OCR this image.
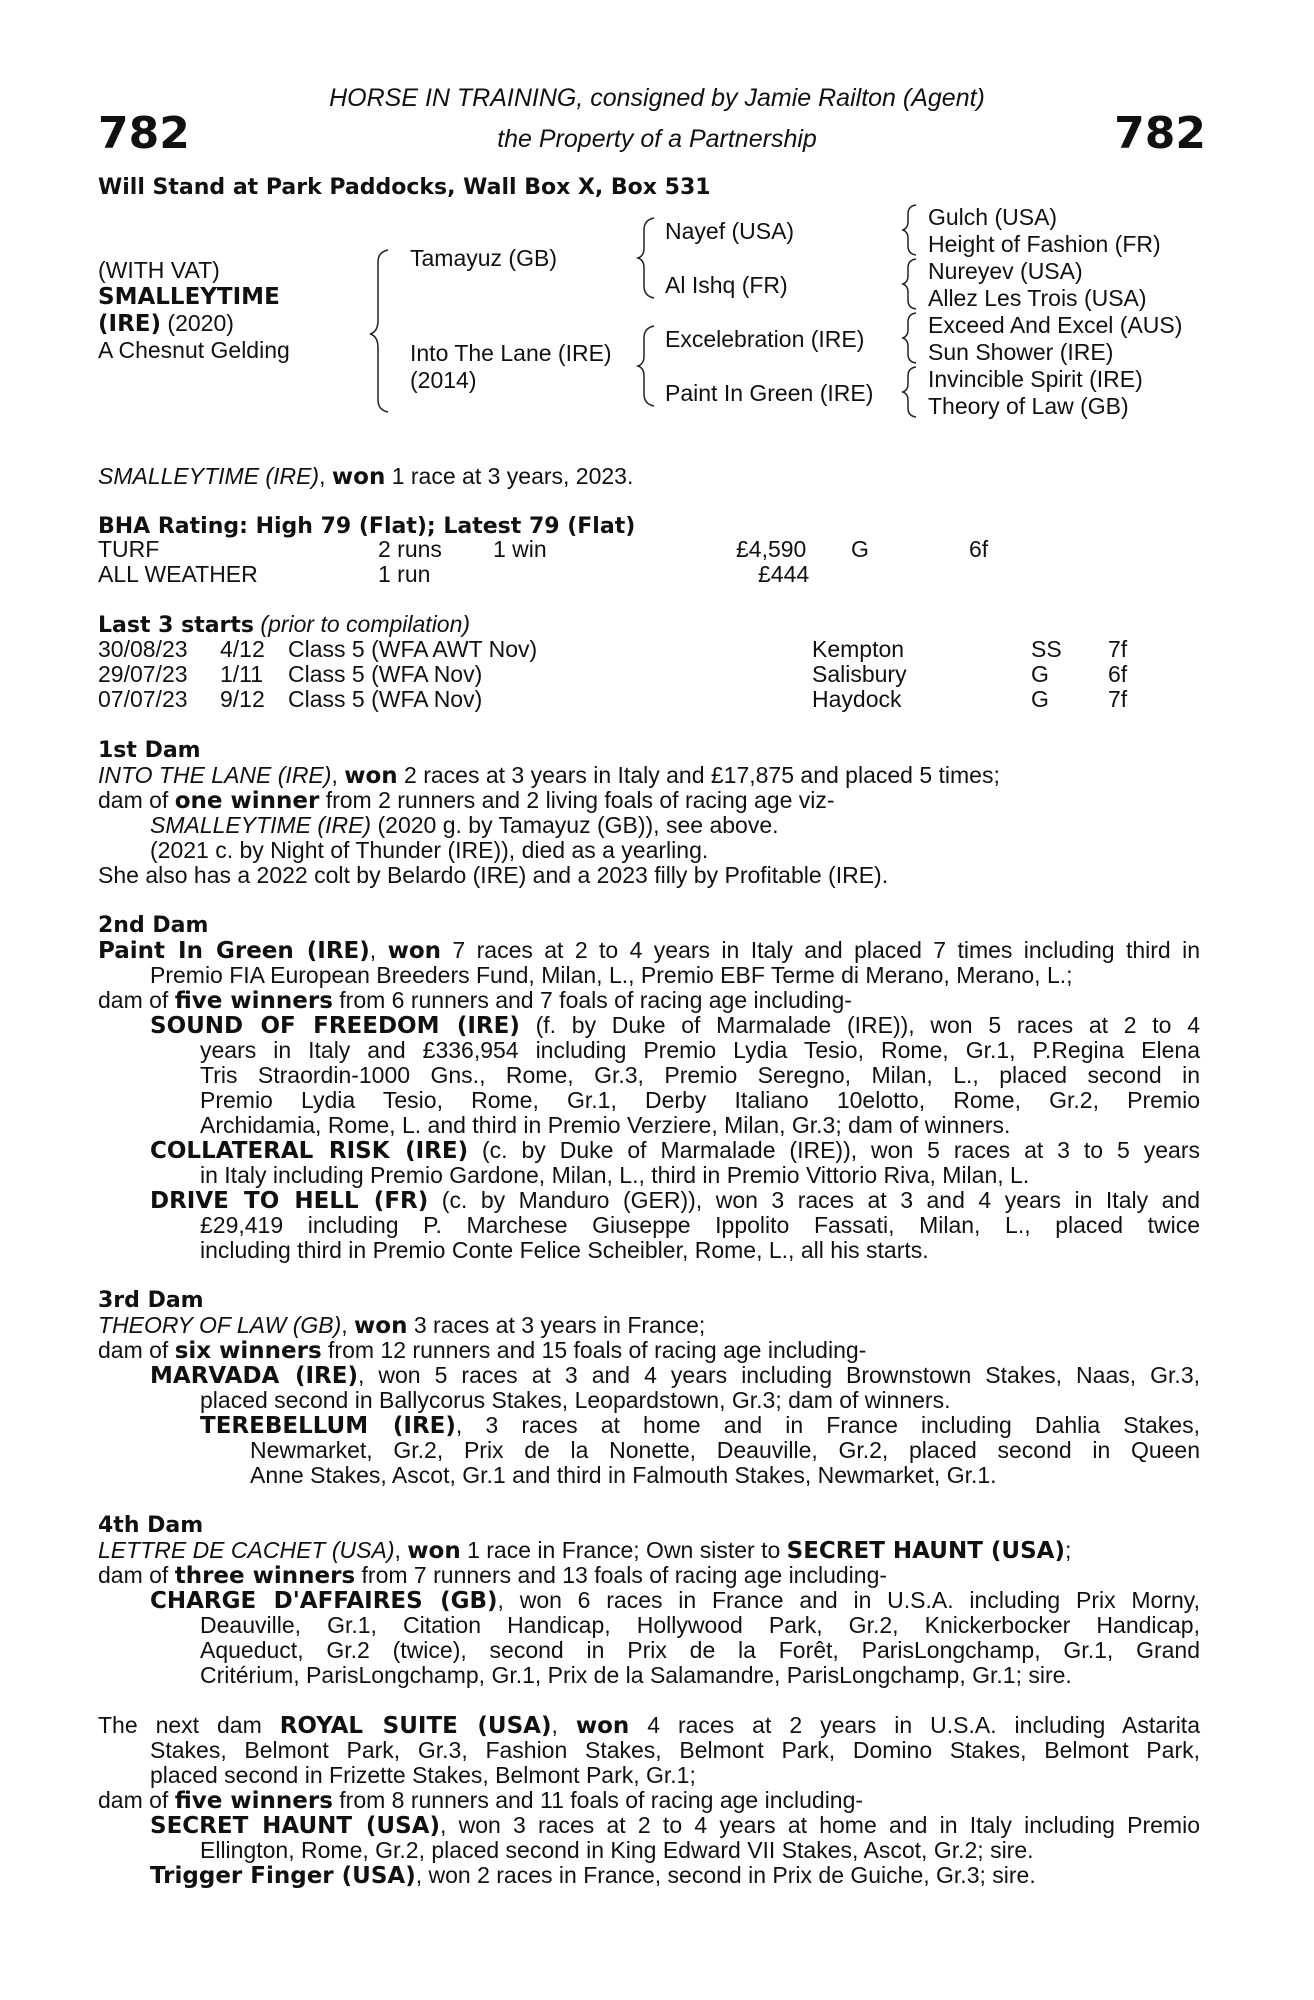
782	782
HORSE IN TRAINING, consigned by Jamie Railton (Agent)
the Property of a Partnership
Will Stand at Park Paddocks, Wall Box X, Box 531
(WITH VAT)
SMALLEYTIME
(IRE) (2020)
A Chesnut Gelding
Tamayuz (GB)
Into The Lane (IRE)
(2014)
Nayef (USA)
Al Ishq (FR)
Excelebration (IRE)
Paint In Green (IRE)
Gulch (USA)
Height of Fashion (FR)
Nureyev (USA)
Allez Les Trois (USA)
Exceed And Excel (AUS)
Sun Shower (IRE)
Invincible Spirit (IRE)
Theory of Law (GB)
SMALLEYTIME (IRE), won 1 race at 3 years, 2023.
BHA Rating: High 79 (Flat); Latest 79 (Flat)
TURF	2 runs 1 win	£4,590 G	6f
ALL WEATHER	1 run	£444
Last 3 starts (prior to compilation)
30/08/23 4/12 Class 5 (WFA AWT Nov)	Kempton	SS 7f
29/07/23 1/11 Class 5 (WFA Nov)	Salisbury	G	6f
07/07/23 9/12 Class 5 (WFA Nov)	Haydock	G	7f
1st Dam
INTO THE LANE (IRE), won 2 races at 3 years in Italy and £17,875 and placed 5 times;
dam of one winner from 2 runners and 2 living foals of racing age viz-
SMALLEYTIME (IRE) (2020 g. by Tamayuz (GB)), see above.
(2021 c. by Night of Thunder (IRE)), died as a yearling.
She also has a 2022 colt by Belardo (IRE) and a 2023 filly by Profitable (IRE).
2nd Dam
Paint In Green (IRE), won 7 races at 2 to 4 years in Italy and placed 7 times including third in
Premio FIA European Breeders Fund, Milan, L., Premio EBF Terme di Merano, Merano, L.;
dam of five winners from 6 runners and 7 foals of racing age including-
SOUND OF FREEDOM (IRE) (f. by Duke of Marmalade (IRE)), won 5 races at 2 to 4
years in Italy and £336,954 including Premio Lydia Tesio, Rome, Gr.1, P.Regina Elena
Tris Straordin-1000 Gns., Rome, Gr.3, Premio Seregno, Milan, L., placed second in
Premio Lydia Tesio, Rome, Gr.1, Derby Italiano 10elotto, Rome, Gr.2, Premio
Archidamia, Rome, L. and third in Premio Verziere, Milan, Gr.3; dam of winners.
COLLATERAL RISK (IRE) (c. by Duke of Marmalade (IRE)), won 5 races at 3 to 5 years
in Italy including Premio Gardone, Milan, L., third in Premio Vittorio Riva, Milan, L.
DRIVE TO HELL (FR) (c. by Manduro (GER)), won 3 races at 3 and 4 years in Italy and
£29,419 including P. Marchese Giuseppe Ippolito Fassati, Milan, L., placed twice
including third in Premio Conte Felice Scheibler, Rome, L., all his starts.
3rd Dam
THEORY OF LAW (GB), won 3 races at 3 years in France;
dam of six winners from 12 runners and 15 foals of racing age including-
MARVADA (IRE), won 5 races at 3 and 4 years including Brownstown Stakes, Naas, Gr.3,
placed second in Ballycorus Stakes, Leopardstown, Gr.3; dam of winners.
TEREBELLUM (IRE), 3 races at home and in France including Dahlia Stakes,
Newmarket, Gr.2, Prix de la Nonette, Deauville, Gr.2, placed second in Queen
Anne Stakes, Ascot, Gr.1 and third in Falmouth Stakes, Newmarket, Gr.1.
4th Dam
LETTRE DE CACHET (USA), won 1 race in France; Own sister to SECRET HAUNT (USA);
dam of three winners from 7 runners and 13 foals of racing age including-
CHARGE D'AFFAIRES (GB), won 6 races in France and in U.S.A. including Prix Morny,
Deauville, Gr.1, Citation Handicap, Hollywood Park, Gr.2, Knickerbocker Handicap,
Aqueduct, Gr.2 (twice), second in Prix de la Forêt, ParisLongchamp, Gr.1, Grand
Critérium, ParisLongchamp, Gr.1, Prix de la Salamandre, ParisLongchamp, Gr.1; sire.
The next dam ROYAL SUITE (USA), won 4 races at 2 years in U.S.A. including Astarita
Stakes, Belmont Park, Gr.3, Fashion Stakes, Belmont Park, Domino Stakes, Belmont Park,
placed second in Frizette Stakes, Belmont Park, Gr.1;
dam of five winners from 8 runners and 11 foals of racing age including-
SECRET HAUNT (USA), won 3 races at 2 to 4 years at home and in Italy including Premio
Ellington, Rome, Gr.2, placed second in King Edward VII Stakes, Ascot, Gr.2; sire.
Trigger Finger (USA), won 2 races in France, second in Prix de Guiche, Gr.3; sire.
